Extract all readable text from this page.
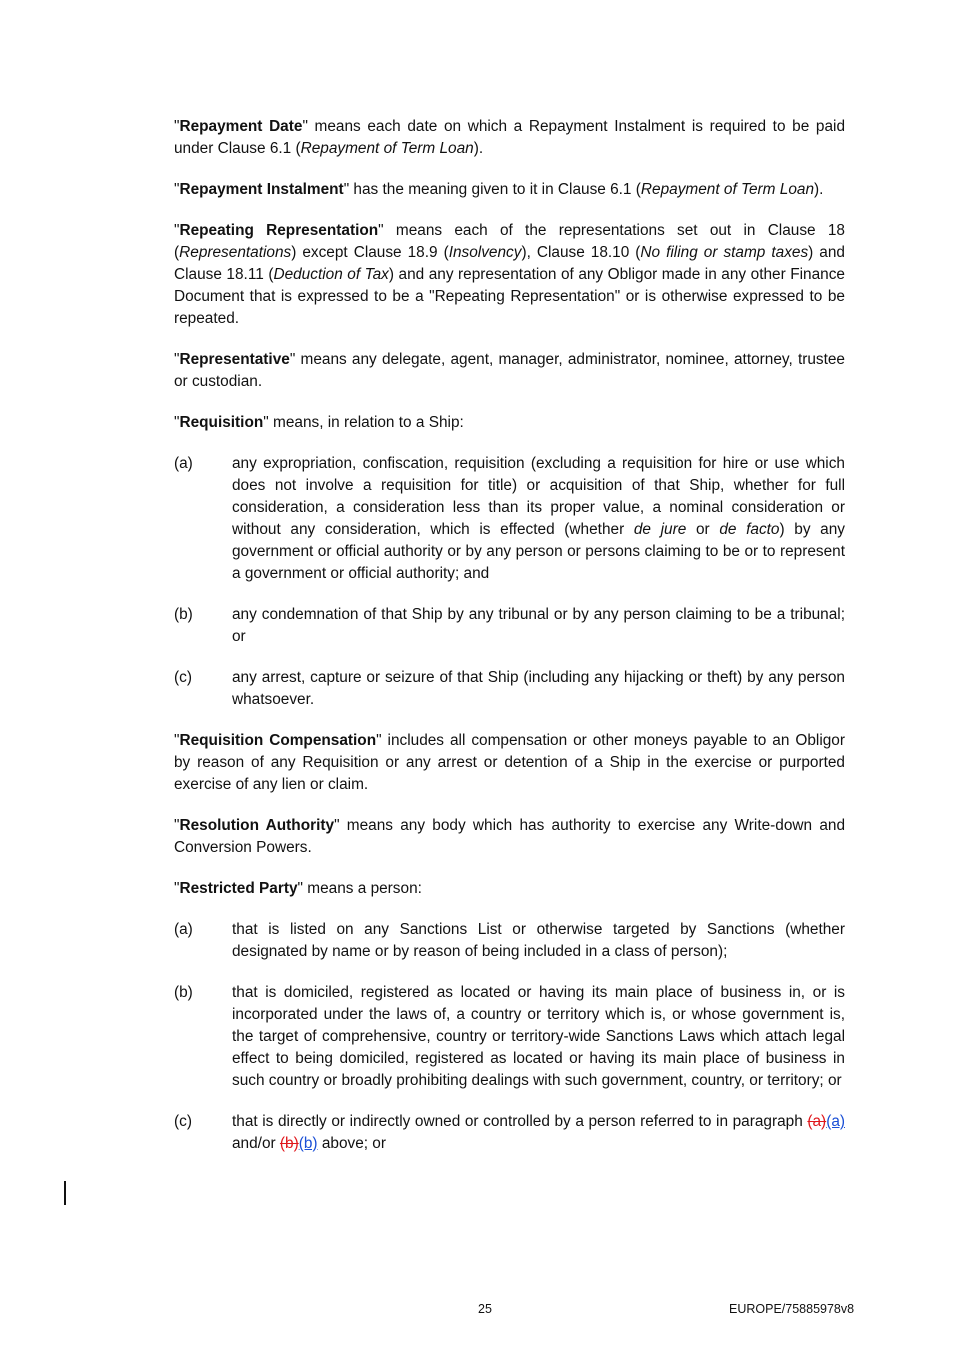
"Repayment Date" means each date on which a Repayment Instalment is required to be paid under Clause 6.1 (Repayment of Term Loan).

"Repayment Instalment" has the meaning given to it in Clause 6.1 (Repayment of Term Loan).

"Repeating Representation" means each of the representations set out in Clause 18 (Representations) except Clause 18.9 (Insolvency), Clause 18.10 (No filing or stamp taxes) and Clause 18.11 (Deduction of Tax) and any representation of any Obligor made in any other Finance Document that is expressed to be a "Repeating Representation" or is otherwise expressed to be repeated.

"Representative" means any delegate, agent, manager, administrator, nominee, attorney, trustee or custodian.

"Requisition" means, in relation to a Ship:

(a)	any expropriation, confiscation, requisition (excluding a requisition for hire or use which does not involve a requisition for title) or acquisition of that Ship, whether for full consideration, a consideration less than its proper value, a nominal consideration or without any consideration, which is effected (whether de jure or de facto) by any government or official authority or by any person or persons claiming to be or to represent a government or official authority; and
(b)	any condemnation of that Ship by any tribunal or by any person claiming to be a tribunal; or
(c)	any arrest, capture or seizure of that Ship (including any hijacking or theft) by any person whatsoever.

"Requisition Compensation" includes all compensation or other moneys payable to an Obligor by reason of any Requisition or any arrest or detention of a Ship in the exercise or purported exercise of any lien or claim.

"Resolution Authority" means any body which has authority to exercise any Write-down and Conversion Powers.

"Restricted Party" means a person:

(a)	that is listed on any Sanctions List or otherwise targeted by Sanctions (whether designated by name or by reason of being included in a class of person);
(b)	that is domiciled, registered as located or having its main place of business in, or is incorporated under the laws of, a country or territory which is, or whose government is, the target of comprehensive, country or territory-wide Sanctions Laws which attach legal effect to being domiciled, registered as located or having its main place of business in such country or broadly prohibiting dealings with such government, country, or territory; or
(c)	that is directly or indirectly owned or controlled by a person referred to in paragraph (a)(a) and/or (b)(b) above; or
25	EUROPE/75885978v8
